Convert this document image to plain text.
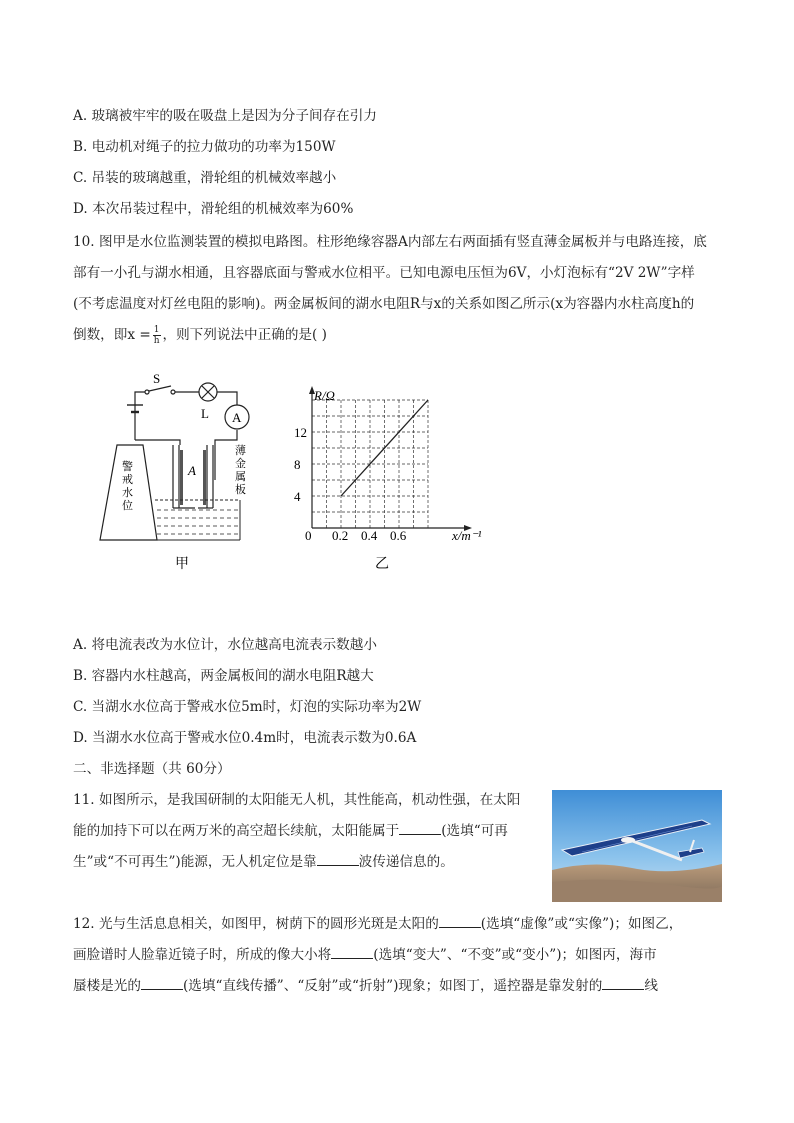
A. 玻璃被牢牢的吸在吸盘上是因为分子间存在引力
B. 电动机对绳子的拉力做功的功率为150W
C. 吊装的玻璃越重，滑轮组的机械效率越小
D. 本次吊装过程中，滑轮组的机械效率为60%
10. 图甲是水位监测装置的模拟电路图。柱形绝缘容器A内部左右两面插有竖直薄金属板并与电路连接，底
部有一小孔与湖水相通，且容器底面与警戒水位相平。已知电源电压恒为6V，小灯泡标有“2V 2W”字样
(不考虑温度对灯丝电阻的影响)。两金属板间的湖水电阻R与x的关系如图乙所示(x为容器内水柱高度h的
倒数，即$x = \frac{1}{h}$ ，则下列说法中正确的是( )
S
L A
警戒水位
A
薄金属板
甲
0.2 0.4 0.6
4
8
12
R/Ω
x/m⁻¹
0
乙
A. 将电流表改为水位计，水位越高电流表示数越小
B. 容器内水柱越高，两金属板间的湖水电阻R越大
C. 当湖水水位高于警戒水位5m时，灯泡的实际功率为2W
D. 当湖水水位高于警戒水位0.4m时，电流表示数为0.6A
二、非选择题（共 60分）
11. 如图所示，是我国研制的太阳能无人机，其性能高，机动性强，在太阳
能的加持下可以在两万米的高空超长续航，太阳能属于	(选填“可再
生”或“不可再生”)能源，无人机定位是靠	波传递信息的。
12. 光与生活息息相关，如图甲，树荫下的圆形光斑是太阳的	(选填“虚像”或“实像”)；如图乙，
画脸谱时人脸靠近镜子时，所成的像大小将	(选填“变大”、“不变”或“变小”)；如图丙，海市
蜃楼是光的	(选填“直线传播”、“反射”或“折射”)现象；如图丁，遥控器是靠发射的	线
